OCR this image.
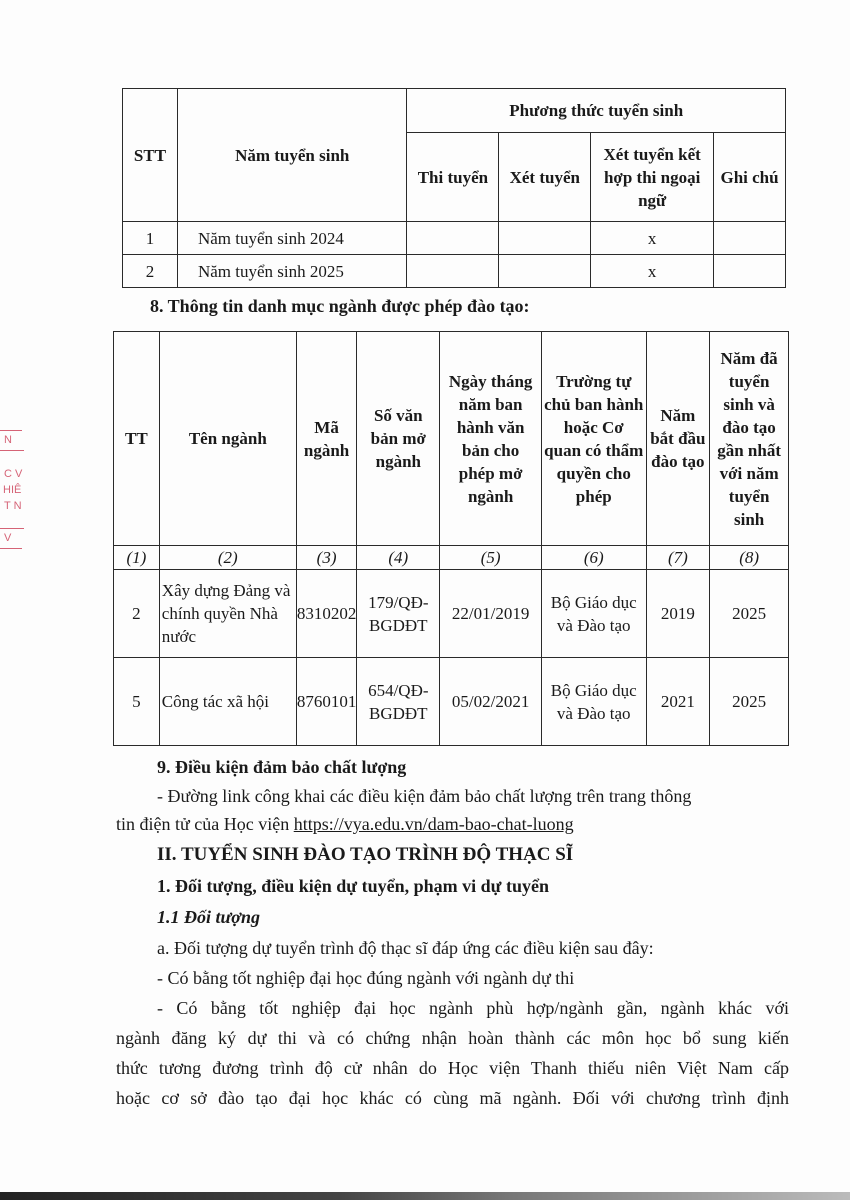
STT	Năm tuyển sinh	Phương thức tuyển sinh			
		Thi tuyển	Xét tuyển	Xét tuyển kết hợp thi ngoại ngữ	Ghi chú
1	Năm tuyển sinh 2024			x	
2	Năm tuyển sinh 2025			x	
8. Thông tin danh mục ngành được phép đào tạo:
TT	Tên ngành	Mã ngành	Số văn bản mở ngành	Ngày tháng năm ban hành văn bản cho phép mở ngành	Trường tự chủ ban hành hoặc Cơ quan có thẩm quyền cho phép	Năm bắt đầu đào tạo	Năm đã tuyển sinh và đào tạo gần nhất với năm tuyển sinh
(1)	(2)	(3)	(4)	(5)	(6)	(7)	(8)
2	Xây dựng Đảng và chính quyền Nhà nước	8310202	179/QĐ-BGDĐT	22/01/2019	Bộ Giáo dục và Đào tạo	2019	2025
5	Công tác xã hội	8760101	654/QĐ-BGDĐT	05/02/2021	Bộ Giáo dục và Đào tạo	2021	2025
9. Điều kiện đảm bảo chất lượng
- Đường link công khai các điều kiện đảm bảo chất lượng trên trang thông
tin điện tử của Học viện https://vya.edu.vn/dam-bao-chat-luong
II. TUYỂN SINH ĐÀO TẠO TRÌNH ĐỘ THẠC SĨ
1. Đối tượng, điều kiện dự tuyển, phạm vi dự tuyển
1.1 Đối tượng
a. Đối tượng dự tuyển trình độ thạc sĩ đáp ứng các điều kiện sau đây:
- Có bằng tốt nghiệp đại học đúng ngành với ngành dự thi
- Có bằng tốt nghiệp đại học ngành phù hợp/ngành gần, ngành khác với
ngành đăng ký dự thi và có chứng nhận hoàn thành các môn học bổ sung kiến
thức tương đương trình độ cử nhân do Học viện Thanh thiếu niên Việt Nam cấp
hoặc cơ sở đào tạo đại học khác có cùng mã ngành. Đối với chương trình định
N
C V
HIÊ
T N
V
